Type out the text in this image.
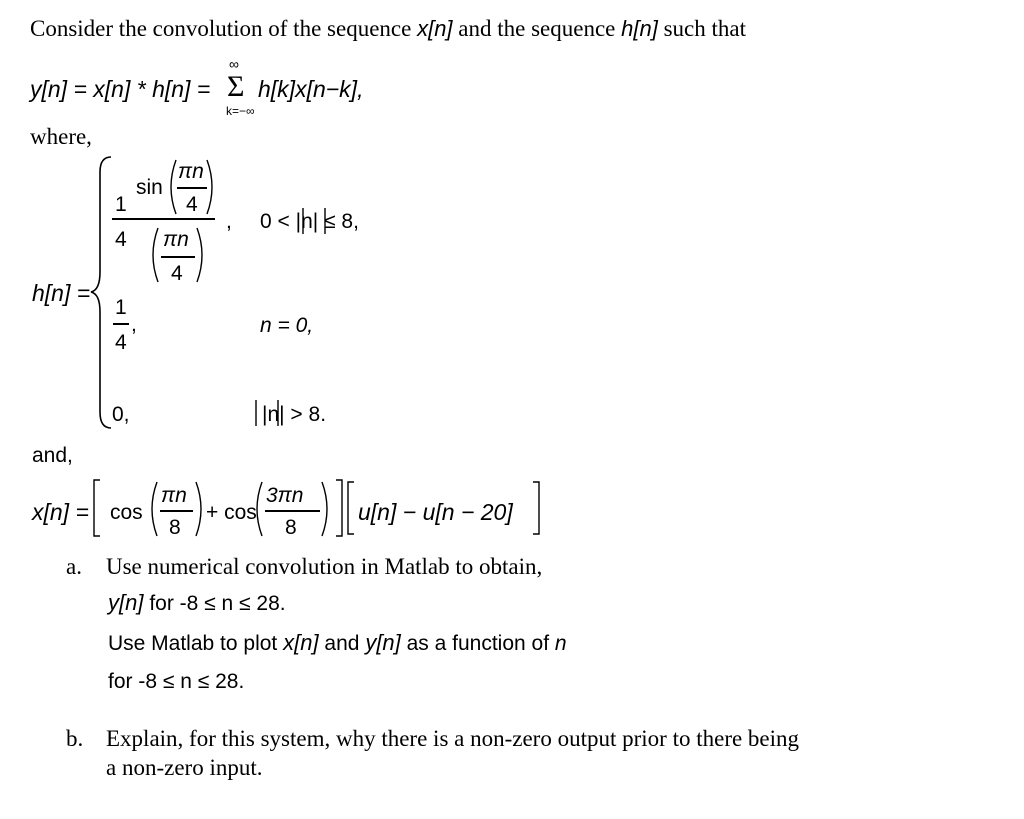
Consider the convolution of the sequence x[n] and the sequence h[n] such that
y[n] = x[n] * h[n] =
∞
Σ
k=−∞
h[k]x[n−k],
where,
h[n] =
1
4
sin
πn
4
πn
4
, 0 < |n| ≤ 8,
1
4
,	n = 0,
0,	|n| > 8.
and,
x[n] = cos
πn
8
+ cos
3πn
8
u[n] − u[n − 20]
a. Use numerical convolution in Matlab to obtain,
y[n] for -8 ≤ n ≤ 28.
Use Matlab to plot x[n] and y[n] as a function of n
for -8 ≤ n ≤ 28.
b. Explain, for this system, why there is a non-zero output prior to there being
a non-zero input.
